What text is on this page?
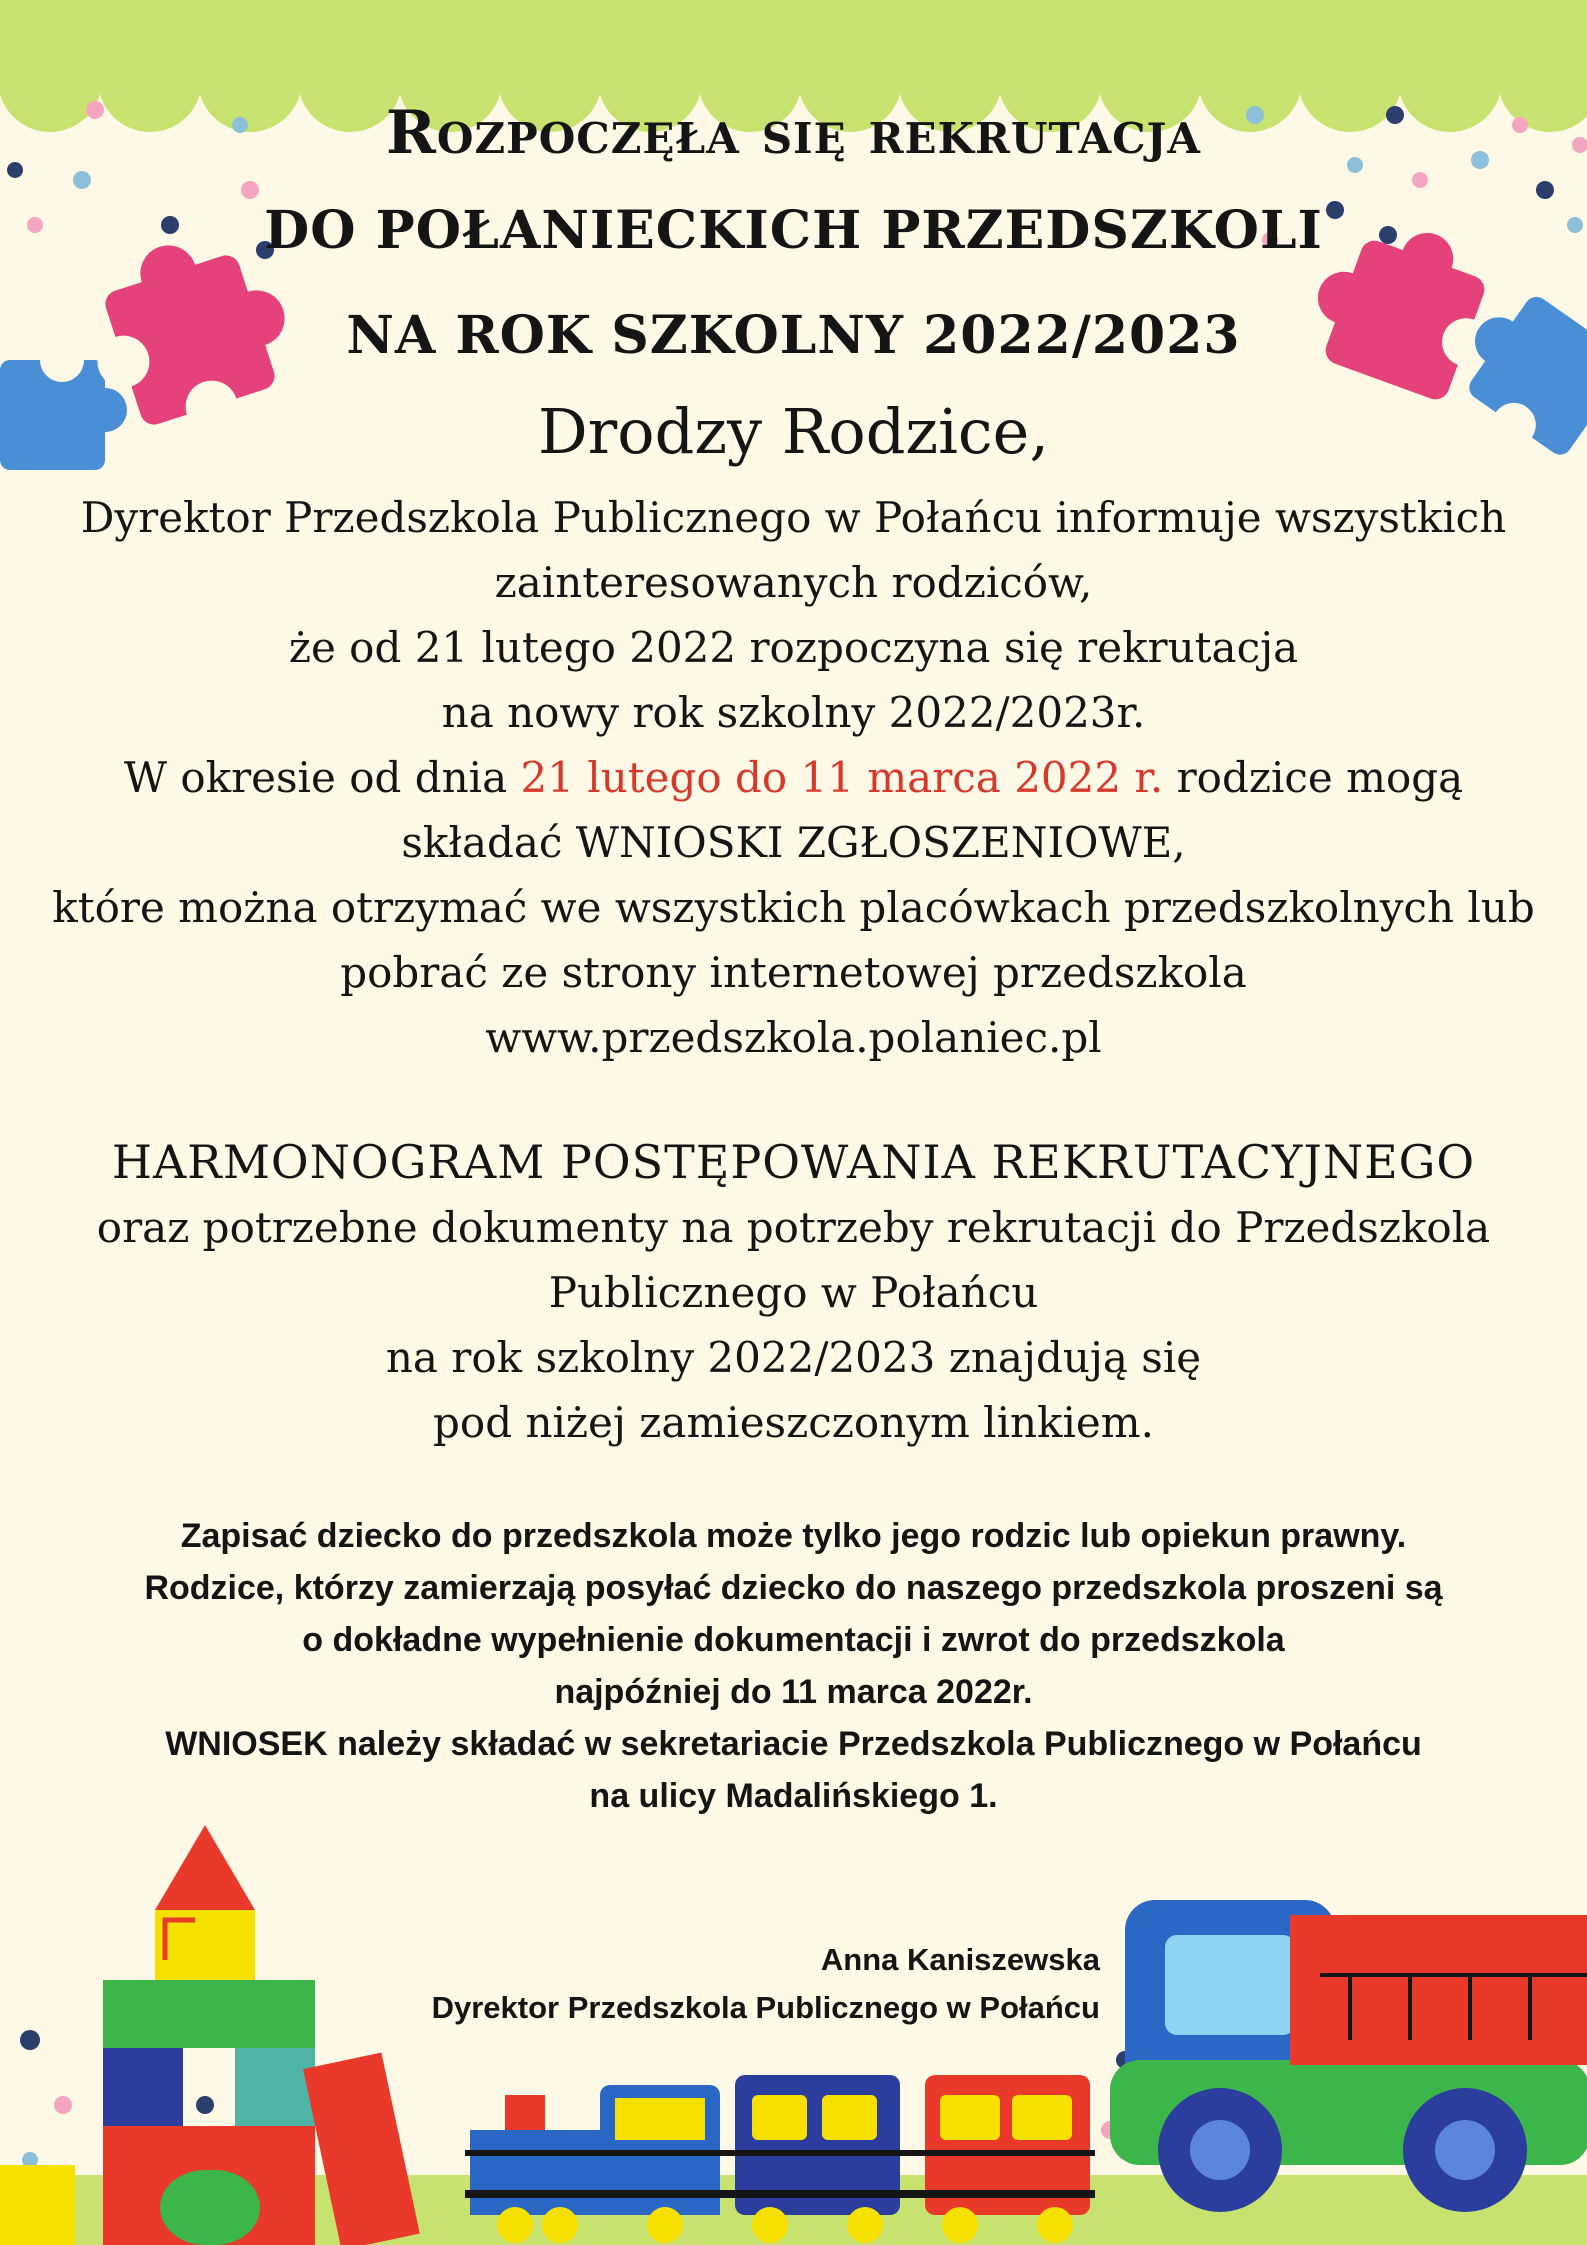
Rozpoczęła się rekrutacja
DO POŁANIECKICH PRZEDSZKOLI
NA ROK SZKOLNY 2022/2023
Drodzy Rodzice,
Dyrektor Przedszkola Publicznego w Połańcu informuje wszystkich
zainteresowanych rodziców,
że od 21 lutego 2022 rozpoczyna się rekrutacja
na nowy rok szkolny 2022/2023r.
W okresie od dnia 21 lutego do 11 marca 2022 r. rodzice mogą
składać WNIOSKI ZGŁOSZENIOWE,
które można otrzymać we wszystkich placówkach przedszkolnych lub
pobrać ze strony internetowej przedszkola
www.przedszkola.polaniec.pl
HARMONOGRAM POSTĘPOWANIA REKRUTACYJNEGO
oraz potrzebne dokumenty na potrzeby rekrutacji do Przedszkola
Publicznego w Połańcu
na rok szkolny 2022/2023 znajdują się
pod niżej zamieszczonym linkiem.
Zapisać dziecko do przedszkola może tylko jego rodzic lub opiekun prawny.
Rodzice, którzy zamierzają posyłać dziecko do naszego przedszkola proszeni są
o dokładne wypełnienie dokumentacji i zwrot do przedszkola
najpóźniej do 11 marca 2022r.
WNIOSEK należy składać w sekretariacie Przedszkola Publicznego w Połańcu
na ulicy Madalińskiego 1.
Anna Kaniszewska
Dyrektor Przedszkola Publicznego w Połańcu
